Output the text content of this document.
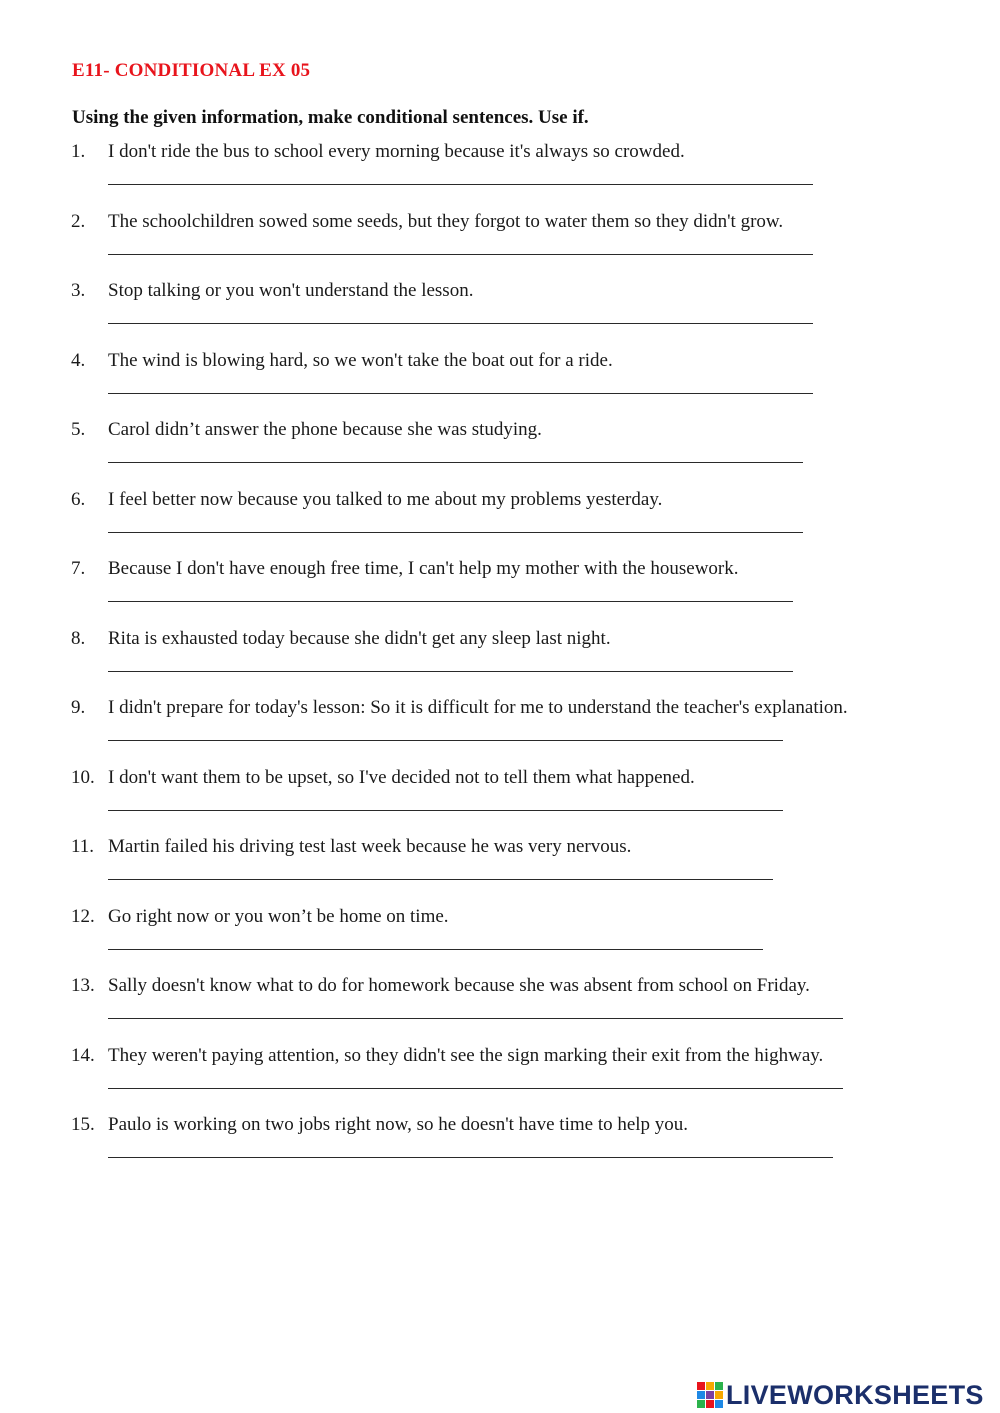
E11- CONDITIONAL EX 05
Using the given information, make conditional sentences. Use if.
1. I don't ride the bus to school every morning because it's always so crowded.
2. The schoolchildren sowed some seeds, but they forgot to water them so they didn't grow.
3. Stop talking or you won't understand the lesson.
4. The wind is blowing hard, so we won't take the boat out for a ride.
5. Carol didn’t answer the phone because she was studying.
6. I feel better now because you talked to me about my problems yesterday.
7. Because I don't have enough free time, I can't help my mother with the housework.
8. Rita is exhausted today because she didn't get any sleep last night.
9. I didn't prepare for today's lesson: So it is difficult for me to understand the teacher's explanation.
10. I don't want them to be upset, so I've decided not to tell them what happened.
11. Martin failed his driving test last week because he was very nervous.
12. Go right now or you won’t be home on time.
13. Sally doesn't know what to do for homework because she was absent from school on Friday.
14. They weren't paying attention, so they didn't see the sign marking their exit from the highway.
15. Paulo is working on two jobs right now, so he doesn't have time to help you.
LIVEWORKSHEETS
